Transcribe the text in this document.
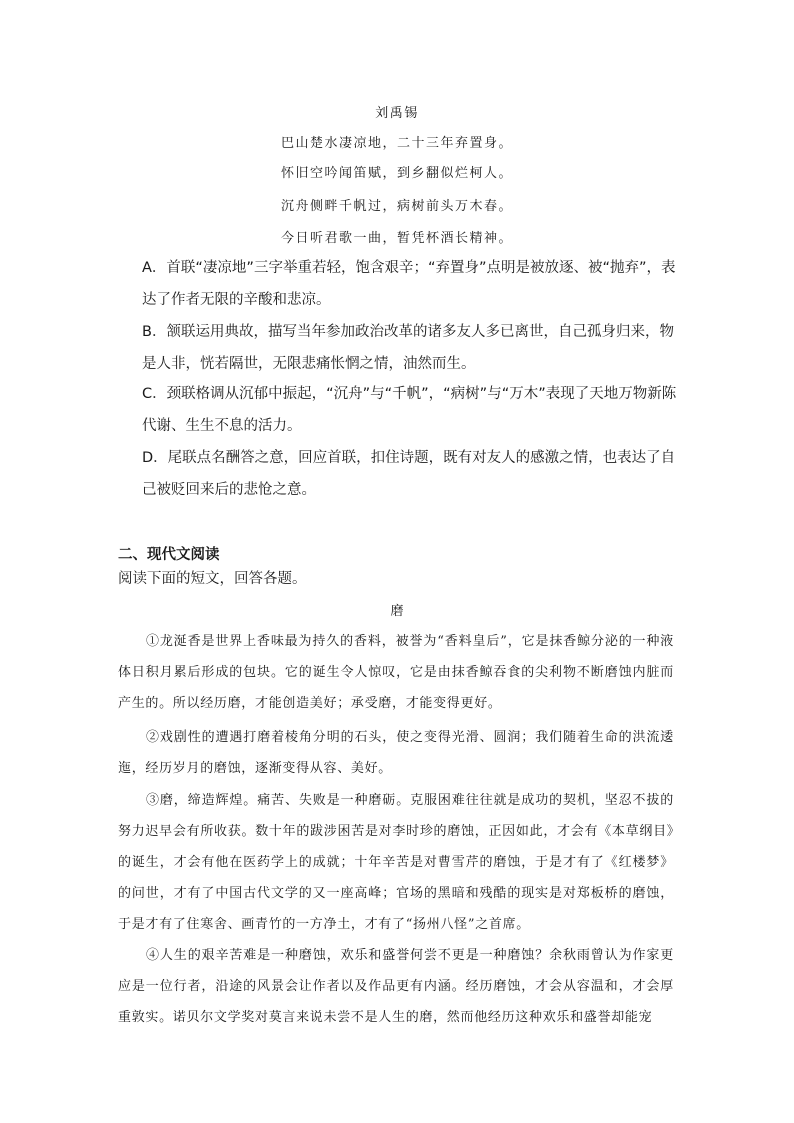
刘禹锡
巴山楚水凄凉地，二十三年弃置身。
怀旧空吟闻笛赋，到乡翻似烂柯人。
沉舟侧畔千帆过，病树前头万木春。
今日听君歌一曲，暂凭杯酒长精神。
A．首联“凄凉地”三字举重若轻，饱含艰辛；“弃置身”点明是被放逐、被“抛弃”，表达了作者无限的辛酸和悲凉。
B．颔联运用典故，描写当年参加政治改革的诸多友人多已离世，自己孤身归来，物是人非，恍若隔世，无限悲痛怅惘之情，油然而生。
C．颈联格调从沉郁中振起，“沉舟”与“千帆”，“病树”与“万木”表现了天地万物新陈代谢、生生不息的活力。
D．尾联点名酬答之意，回应首联，扣住诗题，既有对友人的感激之情，也表达了自己被贬回来后的悲怆之意。
二、现代文阅读
阅读下面的短文，回答各题。
磨
①龙涎香是世界上香味最为持久的香料，被誉为“香料皇后”，它是抹香鲸分泌的一种液体日积月累后形成的包块。它的诞生令人惊叹，它是由抹香鲸吞食的尖利物不断磨蚀内脏而产生的。所以经历磨，才能创造美好；承受磨，才能变得更好。
②戏剧性的遭遇打磨着棱角分明的石头，使之变得光滑、圆润；我们随着生命的洪流逶迤，经历岁月的磨蚀，逐渐变得从容、美好。
③磨，缔造辉煌。痛苦、失败是一种磨砺。克服困难往往就是成功的契机，坚忍不拔的努力迟早会有所收获。数十年的跋涉困苦是对李时珍的磨蚀，正因如此，才会有《本草纲目》的诞生，才会有他在医药学上的成就；十年辛苦是对曹雪芹的磨蚀，于是才有了《红楼梦》的问世，才有了中国古代文学的又一座高峰；官场的黑暗和残酷的现实是对郑板桥的磨蚀，于是才有了住寒舍、画青竹的一方净土，才有了“扬州八怪”之首席。
④人生的艰辛苦难是一种磨蚀，欢乐和盛誉何尝不更是一种磨蚀？余秋雨曾认为作家更应是一位行者，沿途的风景会让作者以及作品更有内涵。经历磨蚀，才会从容温和，才会厚重敦实。诺贝尔文学奖对莫言来说未尝不是人生的磨，然而他经历这种欢乐和盛誉却能宠
